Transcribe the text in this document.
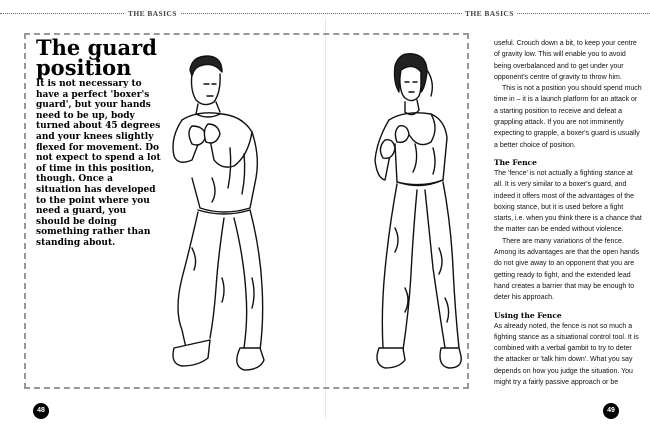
THE BASICS	THE BASICS
The guard position

It is not necessary to have a perfect 'boxer's guard', but your hands need to be up, body turned about 45 degrees and your knees slightly flexed for movement. Do not expect to spend a lot of time in this position, though. Once a situation has developed to the point where you need a guard, you should be doing something rather than standing about.

useful. Crouch down a bit, to keep your centre of gravity low. This will enable you to avoid being overbalanced and to get under your opponent's centre of gravity to throw him.

This is not a position you should spend much time in – it is a launch platform for an attack or a starting position to receive and defeat a grappling attack. If you are not imminently expecting to grapple, a boxer's guard is usually a better choice of position.

The Fence

The 'fence' is not actually a fighting stance at all. It is very similar to a boxer's guard, and indeed it offers most of the advantages of the boxing stance, but it is used before a fight starts, i.e. when you think there is a chance that the matter can be ended without violence.

There are many variations of the fence. Among its advantages are that the open hands do not give away to an opponent that you are getting ready to fight, and the extended lead hand creates a barrier that may be enough to deter his approach.

Using the Fence

As already noted, the fence is not so much a fighting stance as a situational control tool. It is combined with a verbal gambit to try to deter the attacker or 'talk him down'. What you say depends on how you judge the situation. You might try a fairly passive approach or be

48	49
